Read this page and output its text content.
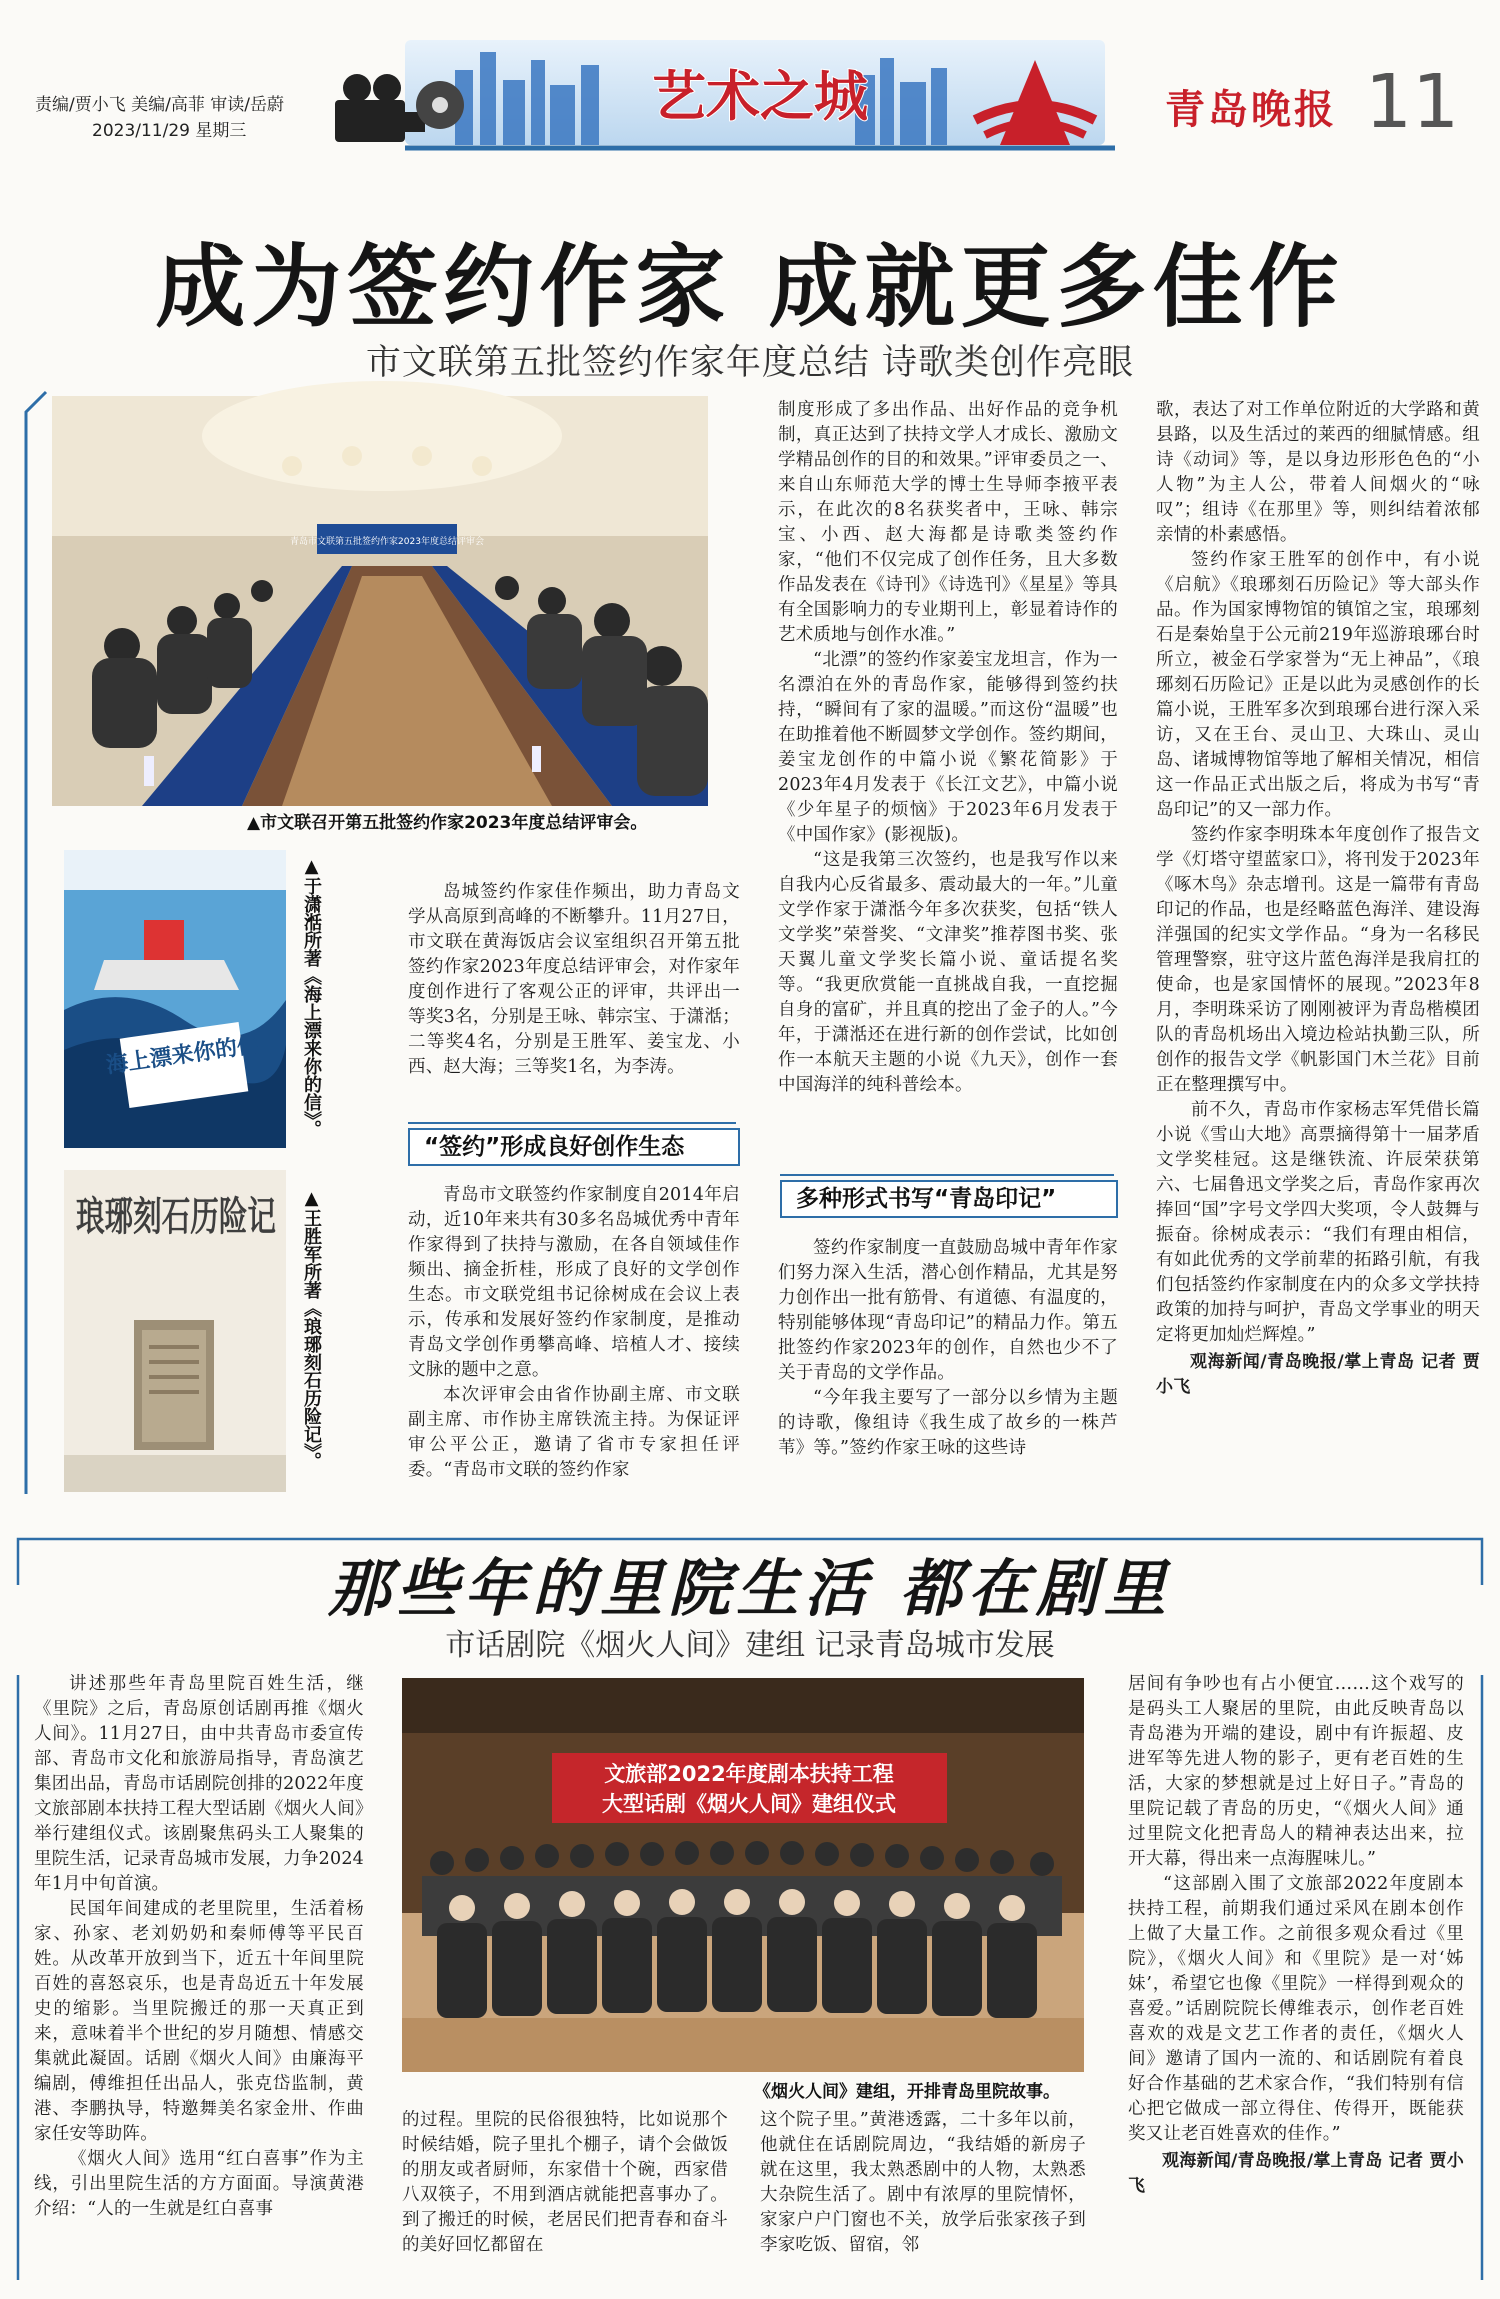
责编/贾小飞 美编/高菲 审读/岳蔚
2023/11/29 星期三
艺术之城	青岛晚报 11
成为签约作家 成就更多佳作
市文联第五批签约作家年度总结 诗歌类创作亮眼
青岛市文联第五批签约作家2023年度总结评审会
▲市文联召开第五批签约作家2023年度总结评审会。
海上漂来你的信 ▲于潇湉所著《海上漂来你的信》。
琅琊刻石历险记 ▲王胜军所著《琅琊刻石历险记》。

岛城签约作家佳作频出，助力青岛文学从高原到高峰的不断攀升。11月27日，市文联在黄海饭店会议室组织召开第五批签约作家2023年度总结评审会，对作家年度创作进行了客观公正的评审，共评出一等奖3名，分别是王咏、韩宗宝、于潇湉；二等奖4名，分别是王胜军、姜宝龙、小西、赵大海；三等奖1名，为李涛。

“签约”形成良好创作生态

青岛市文联签约作家制度自2014年启动，近10年来共有30多名岛城优秀中青年作家得到了扶持与激励，在各自领域佳作频出、摘金折桂，形成了良好的文学创作生态。市文联党组书记徐树成在会议上表示，传承和发展好签约作家制度，是推动青岛文学创作勇攀高峰、培植人才、接续文脉的题中之意。

本次评审会由省作协副主席、市文联副主席、市作协主席铁流主持。为保证评审公平公正，邀请了省市专家担任评委。“青岛市文联的签约作家

制度形成了多出作品、出好作品的竞争机制，真正达到了扶持文学人才成长、激励文学精品创作的目的和效果。”评审委员之一、来自山东师范大学的博士生导师李掖平表示，在此次的8名获奖者中，王咏、韩宗宝、小西、赵大海都是诗歌类签约作家，“他们不仅完成了创作任务，且大多数作品发表在《诗刊》《诗选刊》《星星》等具有全国影响力的专业期刊上，彰显着诗作的艺术质地与创作水准。”

“北漂”的签约作家姜宝龙坦言，作为一名漂泊在外的青岛作家，能够得到签约扶持，“瞬间有了家的温暖。”而这份“温暖”也在助推着他不断圆梦文学创作。签约期间，姜宝龙创作的中篇小说《繁花简影》于2023年4月发表于《长江文艺》，中篇小说《少年星子的烦恼》于2023年6月发表于《中国作家》(影视版)。

“这是我第三次签约，也是我写作以来自我内心反省最多、震动最大的一年。”儿童文学作家于潇湉今年多次获奖，包括“铁人文学奖”荣誉奖、“文津奖”推荐图书奖、张天翼儿童文学奖长篇小说、童话提名奖等。“我更欣赏能一直挑战自我，一直挖掘自身的富矿，并且真的挖出了金子的人。”今年，于潇湉还在进行新的创作尝试，比如创作一本航天主题的小说《九天》，创作一套中国海洋的纯科普绘本。

多种形式书写“青岛印记”

签约作家制度一直鼓励岛城中青年作家们努力深入生活，潜心创作精品，尤其是努力创作出一批有筋骨、有道德、有温度的，特别能够体现“青岛印记”的精品力作。第五批签约作家2023年的创作，自然也少不了关于青岛的文学作品。

“今年我主要写了一部分以乡情为主题的诗歌，像组诗《我生成了故乡的一株芦苇》等。”签约作家王咏的这些诗

歌，表达了对工作单位附近的大学路和黄县路，以及生活过的莱西的细腻情感。组诗《动词》等，是以身边形形色色的“小人物”为主人公，带着人间烟火的“咏叹”；组诗《在那里》等，则纠结着浓郁亲情的朴素感悟。

签约作家王胜军的创作中，有小说《启航》《琅琊刻石历险记》等大部头作品。作为国家博物馆的镇馆之宝，琅琊刻石是秦始皇于公元前219年巡游琅琊台时所立，被金石学家誉为“无上神品”，《琅琊刻石历险记》正是以此为灵感创作的长篇小说，王胜军多次到琅琊台进行深入采访，又在王台、灵山卫、大珠山、灵山岛、诸城博物馆等地了解相关情况，相信这一作品正式出版之后，将成为书写“青岛印记”的又一部力作。

签约作家李明珠本年度创作了报告文学《灯塔守望蓝家口》，将刊发于2023年《啄木鸟》杂志增刊。这是一篇带有青岛印记的作品，也是经略蓝色海洋、建设海洋强国的纪实文学作品。“身为一名移民管理警察，驻守这片蓝色海洋是我肩扛的使命，也是家国情怀的展现。”2023年8月，李明珠采访了刚刚被评为青岛楷模团队的青岛机场出入境边检站执勤三队，所创作的报告文学《帆影国门木兰花》目前正在整理撰写中。

前不久，青岛市作家杨志军凭借长篇小说《雪山大地》高票摘得第十一届茅盾文学奖桂冠。这是继铁流、许辰荣获第六、七届鲁迅文学奖之后，青岛作家再次捧回“国”字号文学四大奖项，令人鼓舞与振奋。徐树成表示：“我们有理由相信，有如此优秀的文学前辈的拓路引航，有我们包括签约作家制度在内的众多文学扶持政策的加持与呵护，青岛文学事业的明天定将更加灿烂辉煌。”

观海新闻/青岛晚报/掌上青岛 记者 贾小飞

那些年的里院生活 都在剧里
市话剧院《烟火人间》建组 记录青岛城市发展

讲述那些年青岛里院百姓生活，继《里院》之后，青岛原创话剧再推《烟火人间》。11月27日，由中共青岛市委宣传部、青岛市文化和旅游局指导，青岛演艺集团出品，青岛市话剧院创排的2022年度文旅部剧本扶持工程大型话剧《烟火人间》举行建组仪式。该剧聚焦码头工人聚集的里院生活，记录青岛城市发展，力争2024年1月中旬首演。

民国年间建成的老里院里，生活着杨家、孙家、老刘奶奶和秦师傅等平民百姓。从改革开放到当下，近五十年间里院百姓的喜怒哀乐，也是青岛近五十年发展史的缩影。当里院搬迁的那一天真正到来，意味着半个世纪的岁月随想、情感交集就此凝固。话剧《烟火人间》由廉海平编剧，傅维担任出品人，张克岱监制，黄港、李鹏执导，特邀舞美名家金卅、作曲家任安等助阵。

《烟火人间》选用“红白喜事”作为主线，引出里院生活的方方面面。导演黄港介绍：“人的一生就是红白喜事

文旅部2022年度剧本扶持工程
大型话剧《烟火人间》建组仪式
《烟火人间》建组，开排青岛里院故事。

的过程。里院的民俗很独特，比如说那个时候结婚，院子里扎个棚子，请个会做饭的朋友或者厨师，东家借十个碗，西家借八双筷子，不用到酒店就能把喜事办了。到了搬迁的时候，老居民们把青春和奋斗的美好回忆都留在

这个院子里。”黄港透露，二十多年以前，他就住在话剧院周边，“我结婚的新房子就在这里，我太熟悉剧中的人物，太熟悉大杂院生活了。剧中有浓厚的里院情怀，家家户户门窗也不关，放学后张家孩子到李家吃饭、留宿，邻

居间有争吵也有占小便宜……这个戏写的是码头工人聚居的里院，由此反映青岛以青岛港为开端的建设，剧中有许振超、皮进军等先进人物的影子，更有老百姓的生活，大家的梦想就是过上好日子。”青岛的里院记载了青岛的历史，“《烟火人间》通过里院文化把青岛人的精神表达出来，拉开大幕，得出来一点海腥味儿。”

“这部剧入围了文旅部2022年度剧本扶持工程，前期我们通过采风在剧本创作上做了大量工作。之前很多观众看过《里院》，《烟火人间》和《里院》是一对‘姊妹’，希望它也像《里院》一样得到观众的喜爱。”话剧院院长傅维表示，创作老百姓喜欢的戏是文艺工作者的责任，《烟火人间》邀请了国内一流的、和话剧院有着良好合作基础的艺术家合作，“我们特别有信心把它做成一部立得住、传得开，既能获奖又让老百姓喜欢的佳作。”

观海新闻/青岛晚报/掌上青岛 记者 贾小飞
